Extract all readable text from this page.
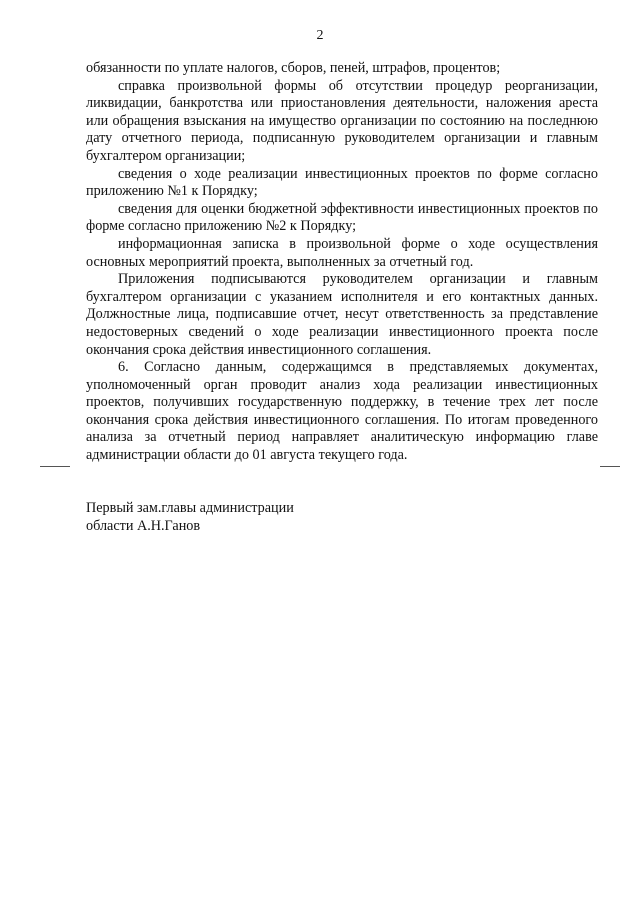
2

обязанности по уплате налогов, сборов, пеней, штрафов, процентов;

справка произвольной формы об отсутствии процедур реорганизации, ликвидации, банкротства или приостановления деятельности, наложения ареста или обращения взыскания на имущество организации по состоянию на последнюю дату отчетного периода, подписанную руководителем организации и главным бухгалтером организации;

сведения о ходе реализации инвестиционных проектов по форме согласно приложению №1 к Порядку;

сведения для оценки бюджетной эффективности инвестиционных проектов по форме согласно приложению №2 к Порядку;

информационная записка в произвольной форме о ходе осуществления основных мероприятий проекта, выполненных за отчетный год.

Приложения подписываются руководителем организации и главным бухгалтером организации с указанием исполнителя и его контактных данных. Должностные лица, подписавшие отчет, несут ответственность за представление недостоверных сведений о ходе реализации инвестиционного проекта после окончания срока действия инвестиционного соглашения.

6. Согласно данным, содержащимся в представляемых документах, уполномоченный орган проводит анализ хода реализации инвестиционных проектов, получивших государственную поддержку, в течение трех лет после окончания срока действия инвестиционного соглашения. По итогам проведенного анализа за отчетный период направляет аналитическую информацию главе администрации области до 01 августа текущего года.

Первый зам.главы администрации
области А.Н.Ганов
